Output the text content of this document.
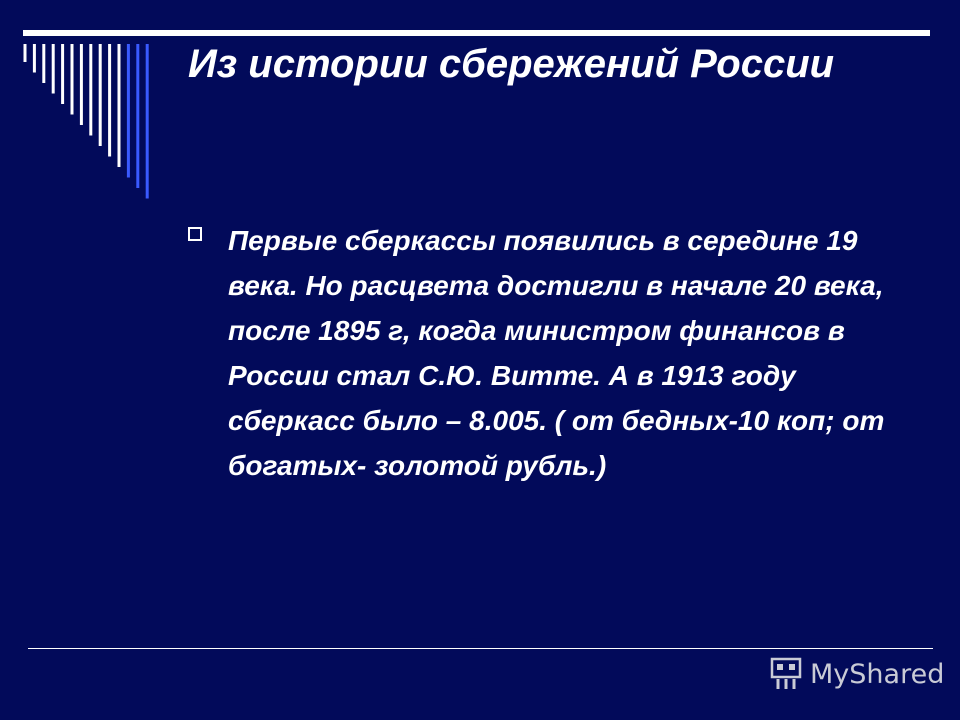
Из истории сбережений России

Первые сберкассы появились в середине 19 века. Но расцвета достигли в начале 20 века, после 1895 г, когда министром финансов в России стал С.Ю. Витте. А в 1913 году сберкасс было – 8.005. ( от бедных-10 коп; от богатых- золотой рубль.)

MyShared
